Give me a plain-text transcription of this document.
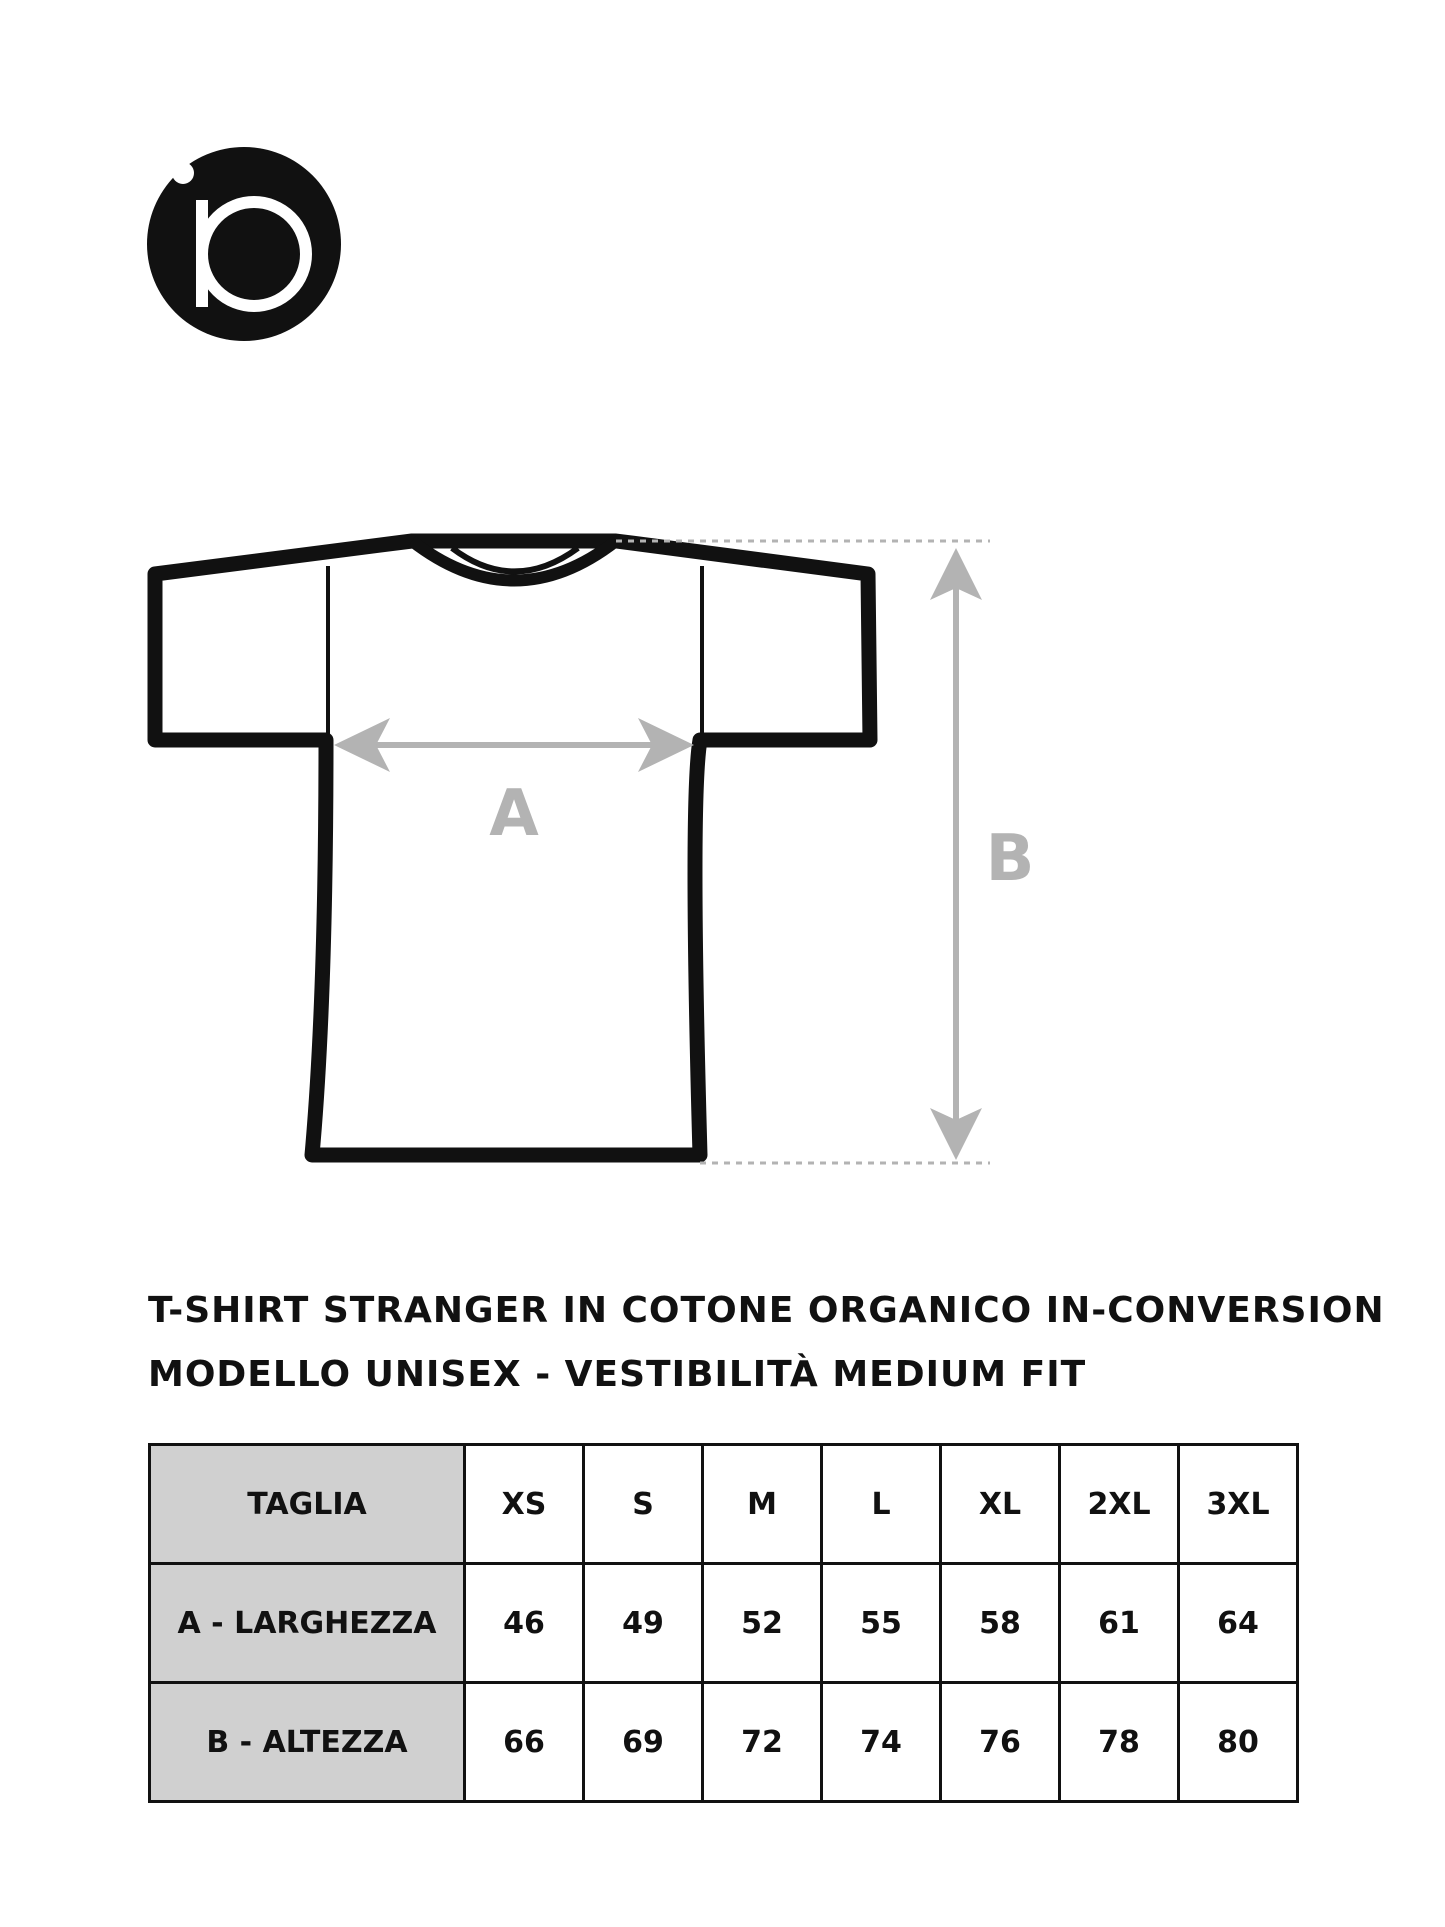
A
B
T-SHIRT STRANGER IN COTONE ORGANICO IN-CONVERSION
MODELLO UNISEX - VESTIBILITÀ MEDIUM FIT
TAGLIA	XS	S	M	L	XL	2XL	3XL
A - LARGHEZZA	46	49	52	55	58	61	64
B - ALTEZZA	66	69	72	74	76	78	80
